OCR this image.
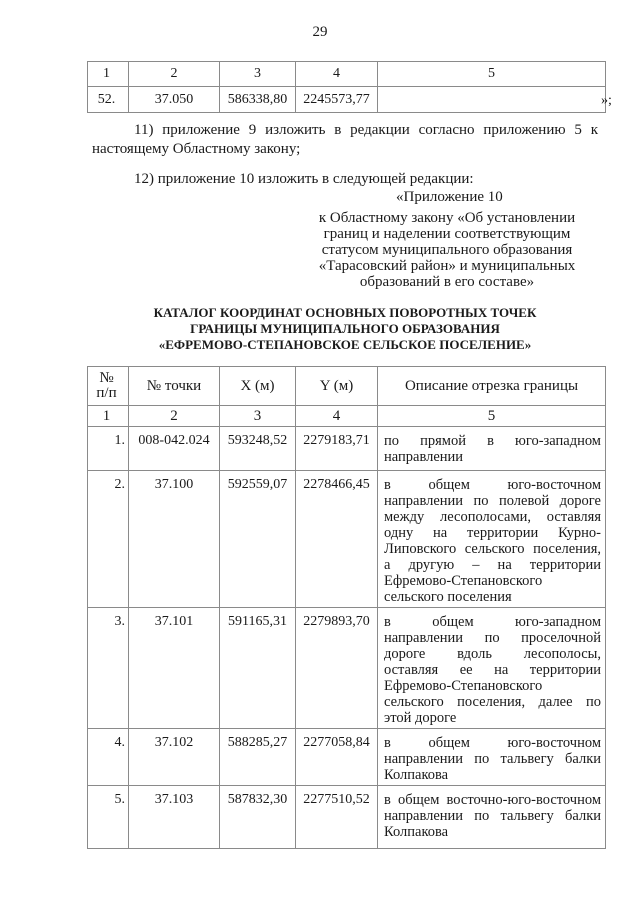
29
1	2	3	4	5
52.	37.050	586338,80	2245573,77		»;
11) приложение 9 изложить в редакции согласно приложению 5 к настоящему Областному закону;
12) приложение 10 изложить в следующей редакции:
«Приложение 10
к Областному закону «Об установлении границ и наделении соответствующим статусом муниципального образования «Тарасовский район» и муниципальных образований в его составе»
КАТАЛОГ КООРДИНАТ ОСНОВНЫХ ПОВОРОТНЫХ ТОЧЕК
ГРАНИЦЫ МУНИЦИПАЛЬНОГО ОБРАЗОВАНИЯ
«ЕФРЕМОВО-СТЕПАНОВСКОЕ СЕЛЬСКОЕ ПОСЕЛЕНИЕ»
№
п/п	№ точки	X (м)	Y (м)	Описание отрезка границы
1	2	3	4	5
1.	008-042.024	593248,52	2279183,71	по прямой в юго-западном направлении

2.	37.100	592559,07	2278466,45	в общем юго-восточном направлении по полевой дороге между лесополосами, оставляя одну на территории Курно-Липовского сельского поселения, а другую – на территории Ефремово-Степановского сельского поселения

3.	37.101	591165,31	2279893,70	в общем юго-западном направлении по проселочной дороге вдоль лесополосы, оставляя ее на территории Ефремово-Степановского сельского поселения, далее по этой дороге

4.	37.102	588285,27	2277058,84	в общем юго-восточном направлении по тальвегу балки Колпакова

5.	37.103	587832,30	2277510,52	в общем восточно-юго-восточном направлении по тальвегу балки Колпакова
